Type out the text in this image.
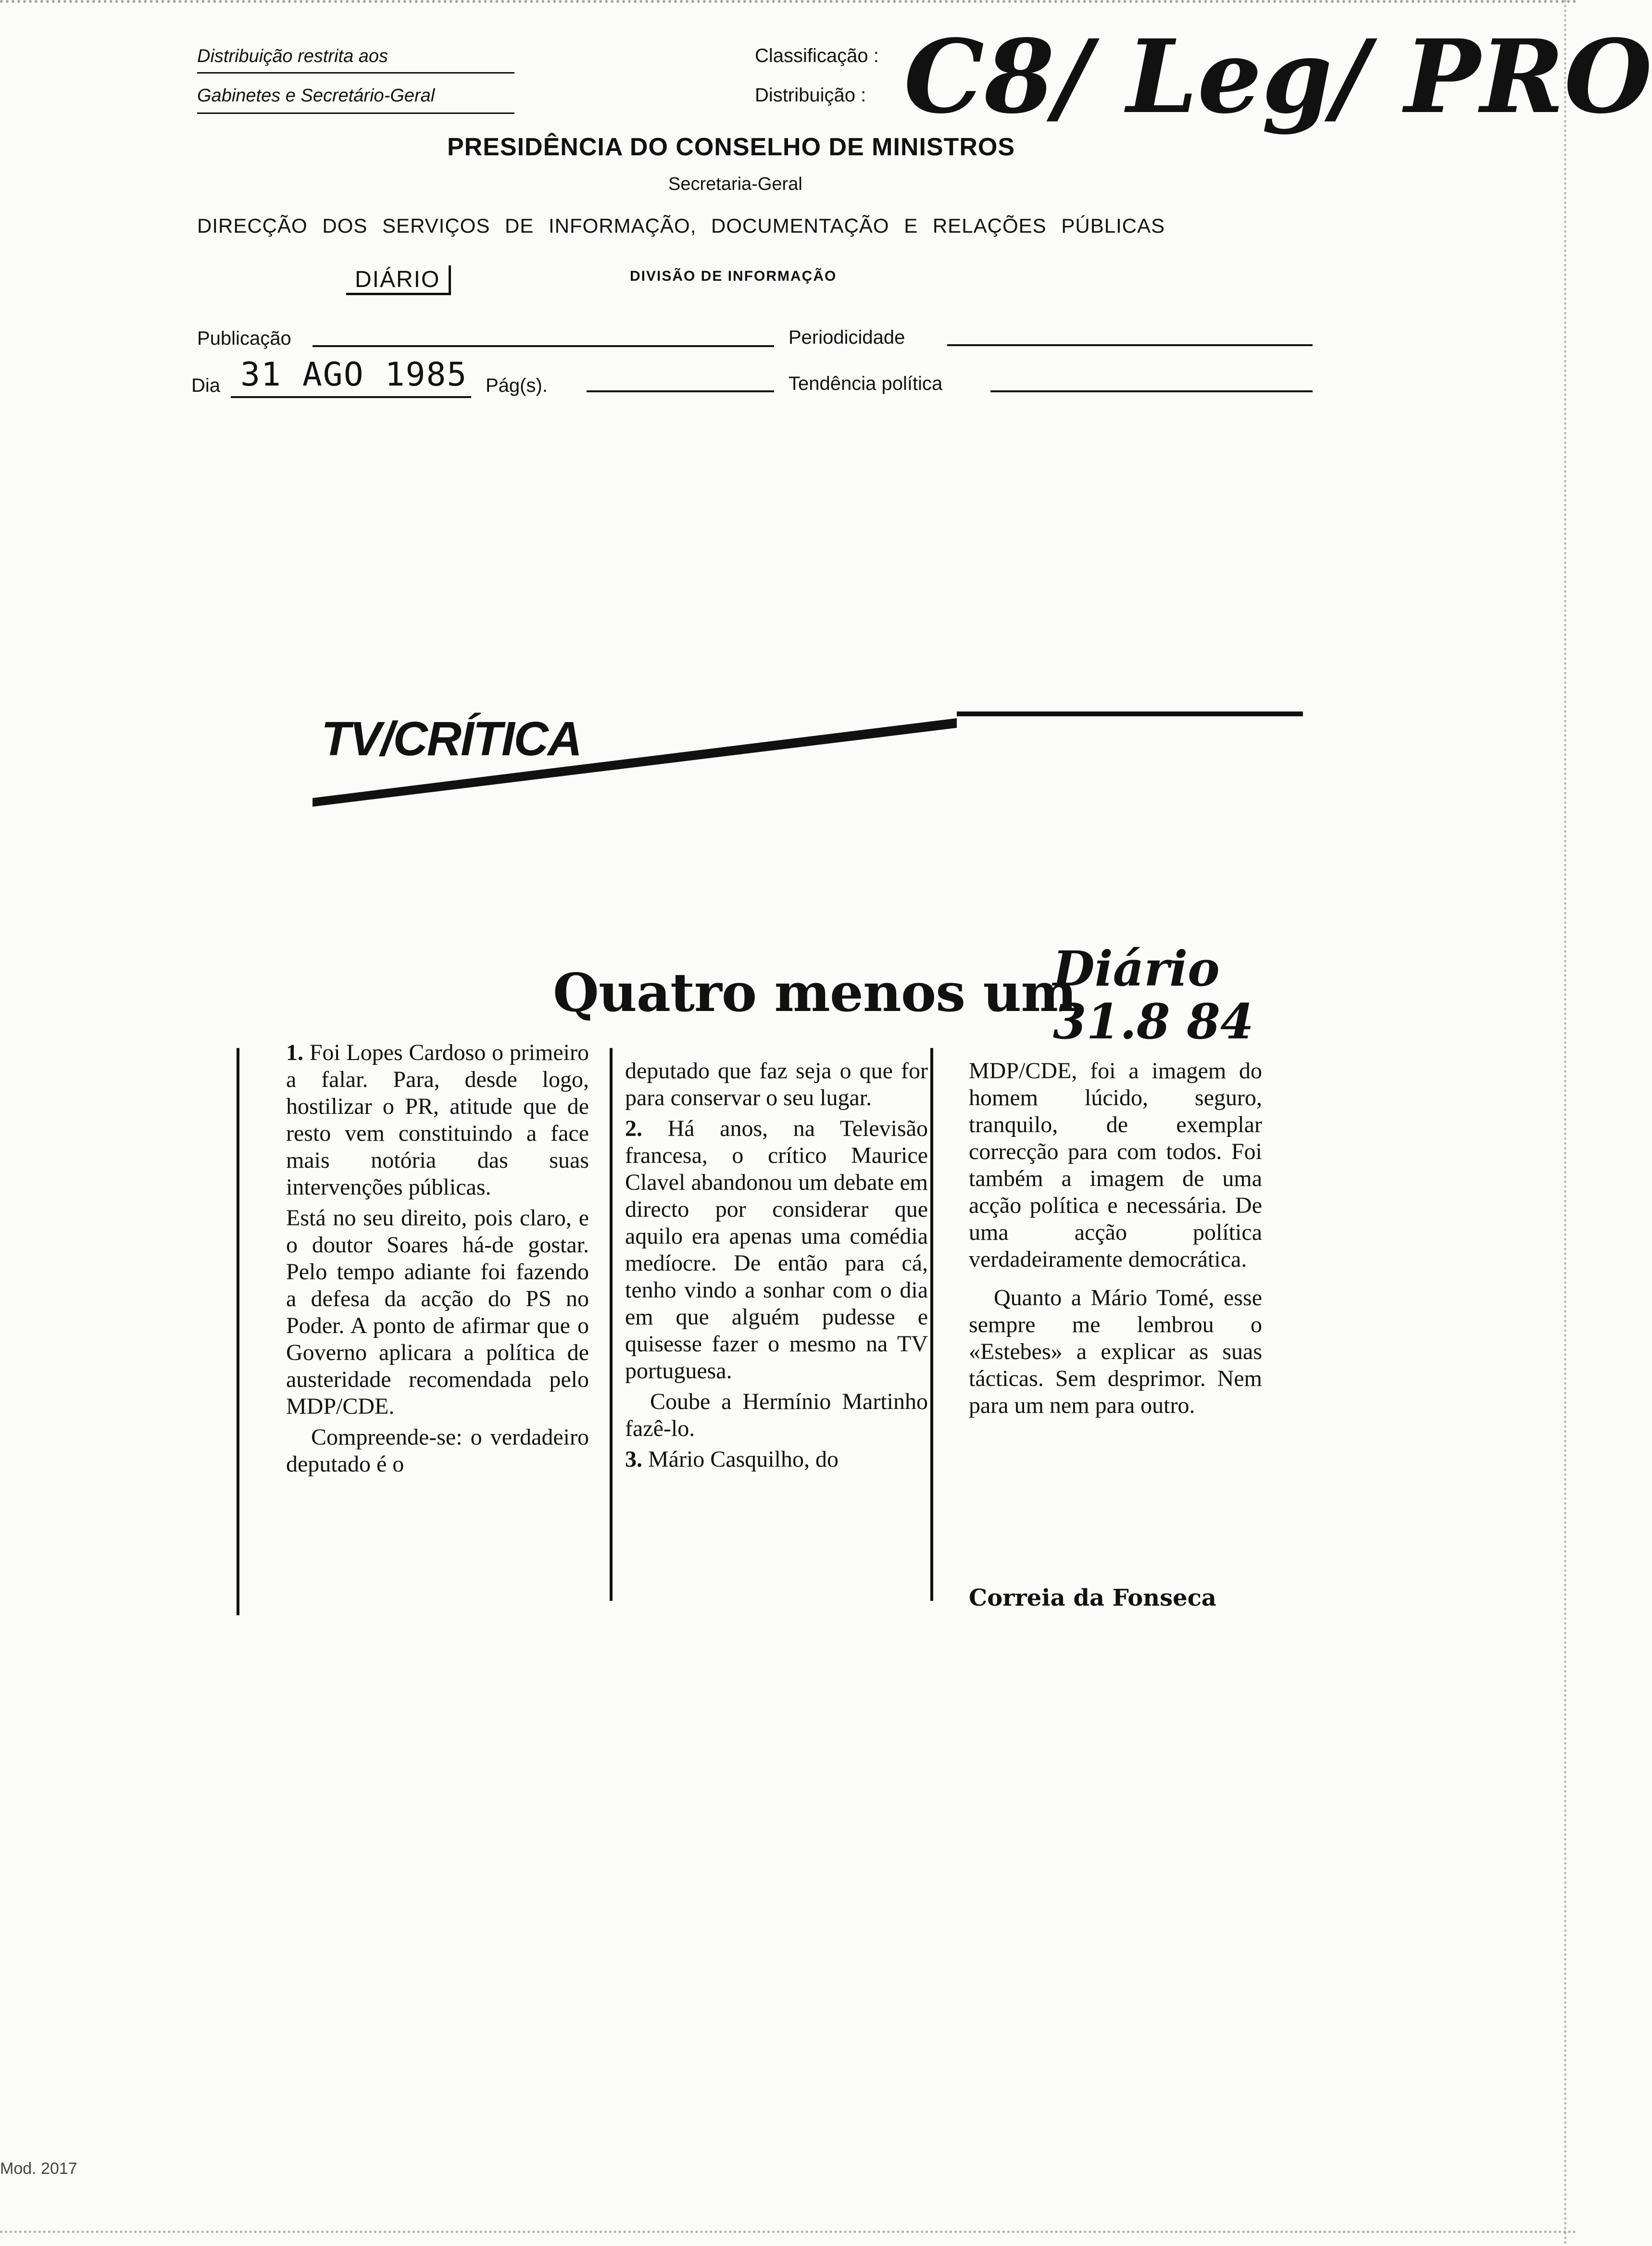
Distribuição restrita aos
Gabinetes e Secretário-Geral
Classificação :
Distribuição : C8/ Leg/ PRO
PRESIDÊNCIA DO CONSELHO DE MINISTROS
Secretaria-Geral
DIRECÇÃO DOS SERVIÇOS DE INFORMAÇÃO, DOCUMENTAÇÃO E RELAÇÕES PÚBLICAS
DIÁRIO	DIVISÃO DE INFORMAÇÃO
Publicação	Periodicidade
Dia 31 AGO 1985 Pág(s).	Tendência política
TV/CRÍTICA
Quatro menos um
Diário 31.8 84

1. Foi Lopes Cardoso o primeiro a falar. Para, desde logo, hostilizar o PR, atitude que de resto vem constituindo a face mais notória das suas intervenções públicas.

Está no seu direito, pois claro, e o doutor Soares há-de gostar. Pelo tempo adiante foi fazendo a defesa da acção do PS no Poder. A ponto de afirmar que o Governo aplicara a política de austeridade recomendada pelo MDP/CDE.

Compreende-se: o verdadeiro deputado é o

deputado que faz seja o que for para conservar o seu lugar.

2. Há anos, na Televisão francesa, o crítico Maurice Clavel abandonou um debate em directo por considerar que aquilo era apenas uma comédia medíocre. De então para cá, tenho vindo a sonhar com o dia em que alguém pudesse e quisesse fazer o mesmo na TV portuguesa.

Coube a Hermínio Martinho fazê-lo.

3. Mário Casquilho, do

MDP/CDE, foi a imagem do homem lúcido, seguro, tranquilo, de exemplar correcção para com todos. Foi também a imagem de uma acção política e necessária. De uma acção política verdadeiramente democrática.

Quanto a Mário Tomé, esse sempre me lembrou o «Estebes» a explicar as suas tácticas. Sem desprimor. Nem para um nem para outro.

Correia da Fonseca
Mod. 2017
